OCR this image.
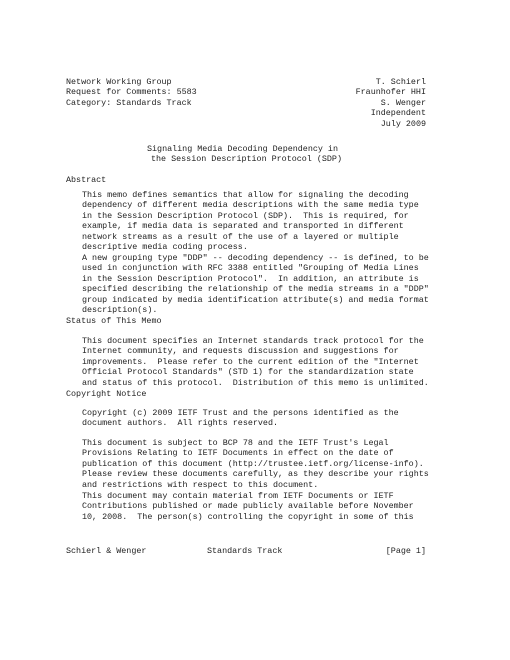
Network Working Group

	T. Schierl

Request for Comments: 5583

	Fraunhofer HHI

Category: Standards Track

	S. Wenger

Independent

July 2009

Signaling Media Decoding Dependency in
the Session Description Protocol (SDP)
Abstract
This memo defines semantics that allow for signaling the decoding
dependency of different media descriptions with the same media type
in the Session Description Protocol (SDP).  This is required, for
example, if media data is separated and transported in different
network streams as a result of the use of a layered or multiple
descriptive media coding process.
A new grouping type "DDP" -- decoding dependency -- is defined, to be
used in conjunction with RFC 3388 entitled "Grouping of Media Lines
in the Session Description Protocol".  In addition, an attribute is
specified describing the relationship of the media streams in a "DDP"
group indicated by media identification attribute(s) and media format
description(s).
Status of This Memo
This document specifies an Internet standards track protocol for the
Internet community, and requests discussion and suggestions for
improvements.  Please refer to the current edition of the "Internet
Official Protocol Standards" (STD 1) for the standardization state
and status of this protocol.  Distribution of this memo is unlimited.
Copyright Notice
Copyright (c) 2009 IETF Trust and the persons identified as the
document authors.  All rights reserved.
This document is subject to BCP 78 and the IETF Trust's Legal
Provisions Relating to IETF Documents in effect on the date of
publication of this document (http://trustee.ietf.org/license-info).
Please review these documents carefully, as they describe your rights
and restrictions with respect to this document.
This document may contain material from IETF Documents or IETF
Contributions published or made publicly available before November
10, 2008.  The person(s) controlling the copyright in some of this

Schierl & Wenger

	Standards Track

	[Page 1]
